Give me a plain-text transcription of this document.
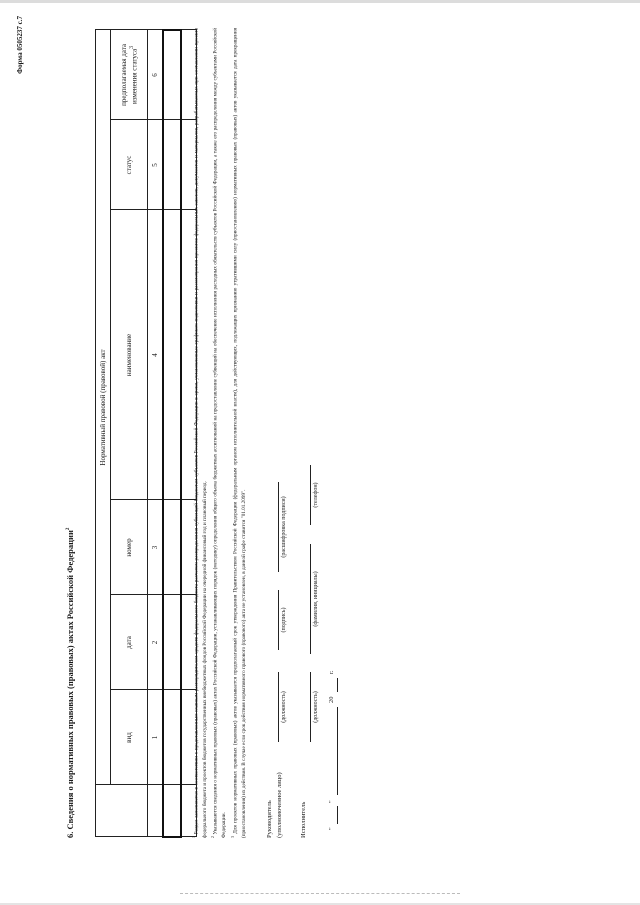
Форма 0505237 с.7
6. Сведения о нормативных правовых (правовых) актах Российской Федерации$^2$
	Нормативный правовой (правовой) акт					
	вид	дата	номер	наименование	статус	предполагаемая дата изменения статуса$^3$
	1	2	3	4	5	6

$^1$ Раздел заполняется в соответствии с представленным главным распорядителем средств федерального бюджета расчетом распределения субвенций бюджетам субъектов Российской Федерации в сроки, установленные графиком подготовки и рассмотрения проектов федеральных законов, документов и материалов, разрабатываемых при составлении проекта федерального бюджета и проектов бюджетов государственных внебюджетных фондов Российской Федерации на очередной финансовый год и плановый период. $^2$ Указываются сведения о нормативных правовых (правовых) актах Российской Федерации, устанавливающих порядок (методику) определения общего объема бюджетных ассигнований на предоставление субвенций на обеспечение исполнения расходных обязательств субъектов Российской Федерации, а также его распределения между субъектами Российской Федерации. $^3$ Для проектов нормативных правовых (правовых) актов указывается предполагаемый срок утверждения Правительством Российской Федерации (федеральным органом исполнительной власти), для действующих, подлежащих признанию утратившими силу (приостановлению) нормативных правовых (правовых) актов указывается дата прекращения (приостановления) их действия. В случае если срок действия нормативного правового (правового) акта не установлен, в данной графе ставится "01.01.2099".	Руководитель (уполномоченное лицо)
(должность)
(подпись)
(расшифровка подписи)
Исполнитель
(должность)
(фамилия, инициалы)
(телефон)
"
"
20
г.
